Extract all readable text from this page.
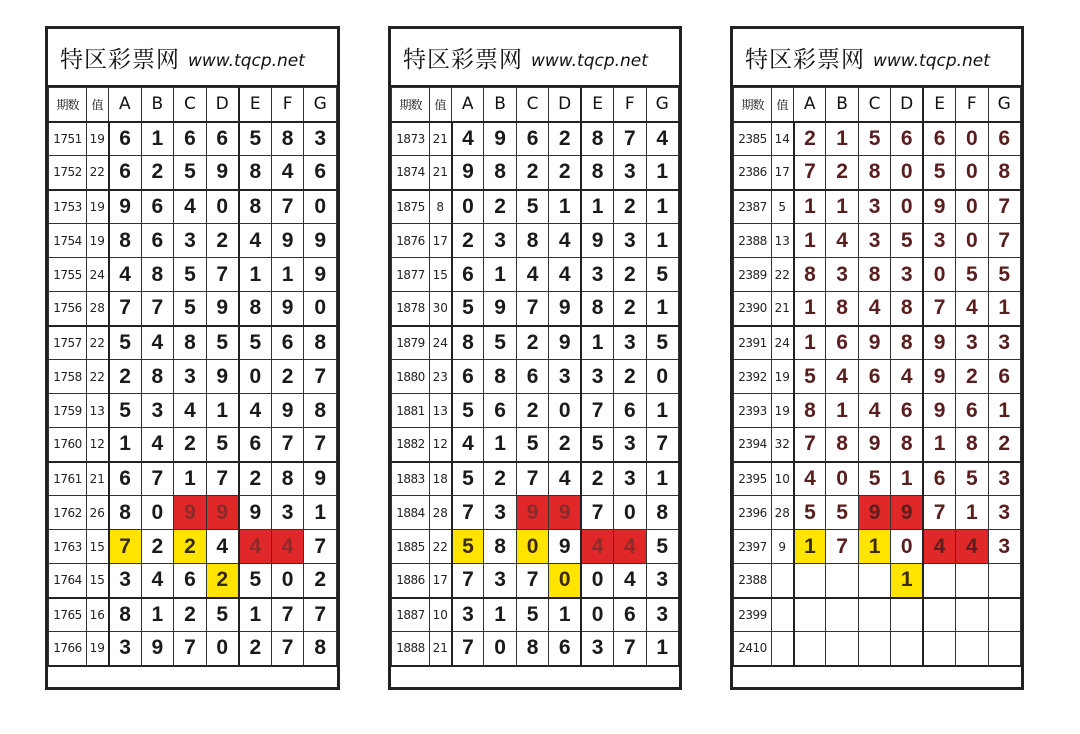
特区彩票网 www.tqcp.net
期数	值	A	B	C	D	E	F	G
1751	19	6	1	6	6	5	8	3
1752	22	6	2	5	9	8	4	6
1753	19	9	6	4	0	8	7	0
1754	19	8	6	3	2	4	9	9
1755	24	4	8	5	7	1	1	9
1756	28	7	7	5	9	8	9	0
1757	22	5	4	8	5	5	6	8
1758	22	2	8	3	9	0	2	7
1759	13	5	3	4	1	4	9	8
1760	12	1	4	2	5	6	7	7
1761	21	6	7	1	7	2	8	9
1762	26	8	0	9	9	9	3	1
1763	15	7	2	2	4	4	4	7
1764	15	3	4	6	2	5	0	2
1765	16	8	1	2	5	1	7	7
1766	19	3	9	7	0	2	7	8
特区彩票网 www.tqcp.net
期数	值	A	B	C	D	E	F	G
1873	21	4	9	6	2	8	7	4
1874	21	9	8	2	2	8	3	1
1875	8	0	2	5	1	1	2	1
1876	17	2	3	8	4	9	3	1
1877	15	6	1	4	4	3	2	5
1878	30	5	9	7	9	8	2	1
1879	24	8	5	2	9	1	3	5
1880	23	6	8	6	3	3	2	0
1881	13	5	6	2	0	7	6	1
1882	12	4	1	5	2	5	3	7
1883	18	5	2	7	4	2	3	1
1884	28	7	3	9	9	7	0	8
1885	22	5	8	0	9	4	4	5
1886	17	7	3	7	0	0	4	3
1887	10	3	1	5	1	0	6	3
1888	21	7	0	8	6	3	7	1
特区彩票网 www.tqcp.net
期数	值	A	B	C	D	E	F	G
2385	14	2	1	5	6	6	0	6
2386	17	7	2	8	0	5	0	8
2387	5	1	1	3	0	9	0	7
2388	13	1	4	3	5	3	0	7
2389	22	8	3	8	3	0	5	5
2390	21	1	8	4	8	7	4	1
2391	24	1	6	9	8	9	3	3
2392	19	5	4	6	4	9	2	6
2393	19	8	1	4	6	9	6	1
2394	32	7	8	9	8	1	8	2
2395	10	4	0	5	1	6	5	3
2396	28	5	5	9	9	7	1	3
2397	9	1	7	1	0	4	4	3
2388					1			
2399								
2410								
